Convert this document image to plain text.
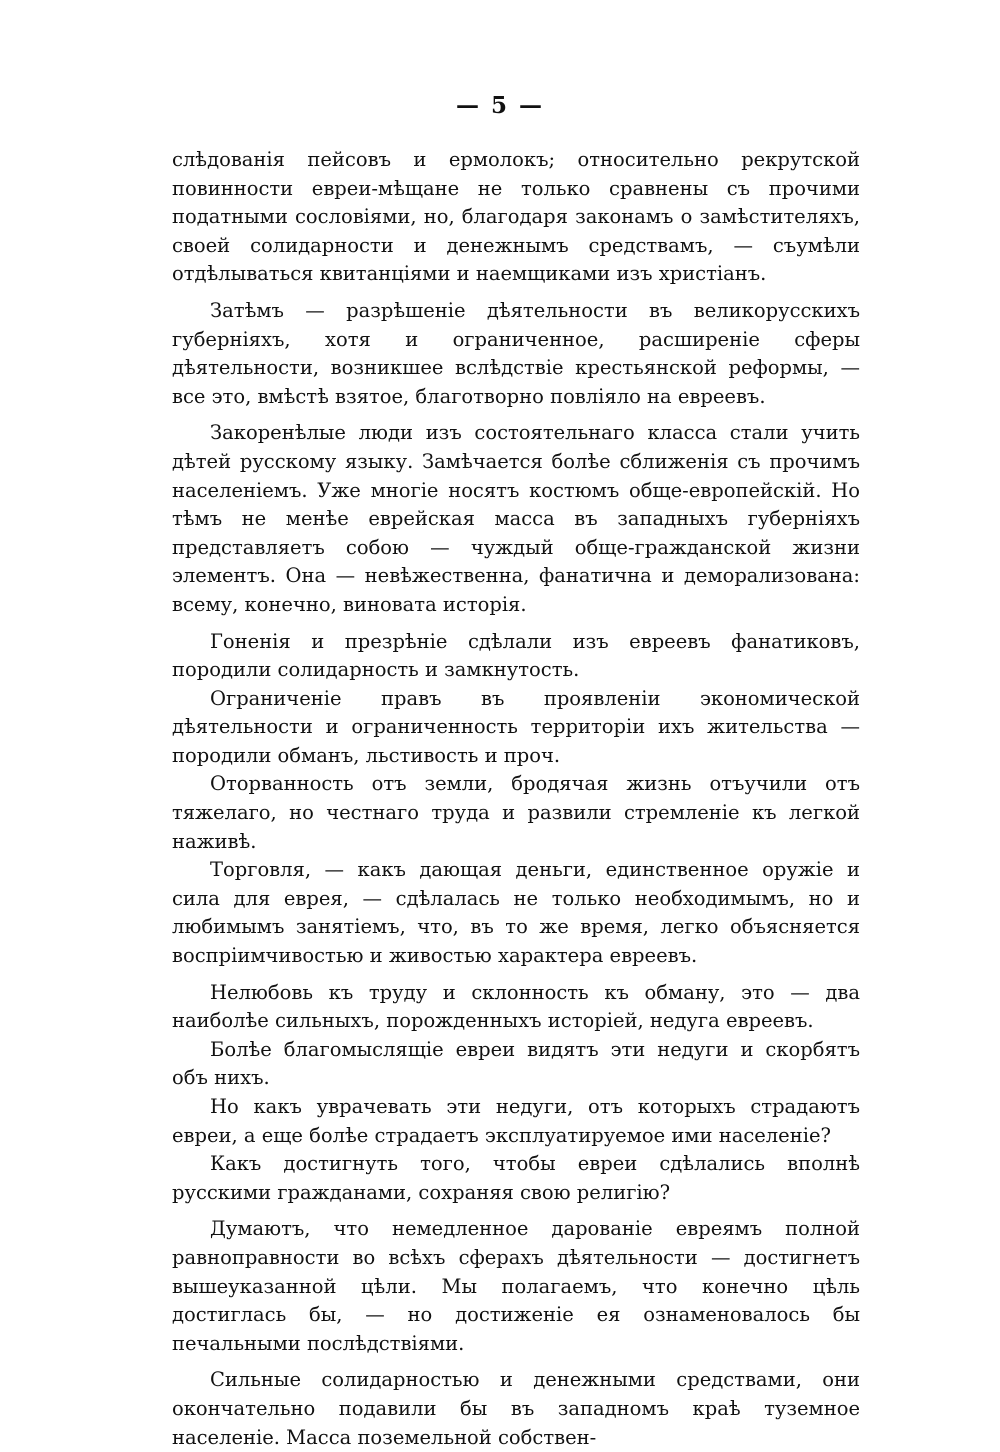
— 5 —

слѣдованія пейсовъ и ермолокъ; относительно рекрутской повинности евреи-мѣщане не только сравнены съ прочими податными сословіями, но, благодаря законамъ о замѣстителяхъ, своей солидарности и денежнымъ средствамъ, — съумѣли отдѣлываться квитанціями и наемщиками изъ христіанъ.

Затѣмъ — разрѣшеніе дѣятельности въ великорусскихъ губерніяхъ, хотя и ограниченное, расширеніе сферы дѣятельности, возникшее вслѣдствіе крестьянской реформы, — все это, вмѣстѣ взятое, благотворно повліяло на евреевъ.

Закоренѣлые люди изъ состоятельнаго класса стали учить дѣтей русскому языку. Замѣчается болѣе сближенія съ прочимъ населеніемъ. Уже многіе носятъ костюмъ обще-европейскій. Но тѣмъ не менѣе еврейская масса въ западныхъ губерніяхъ представляетъ собою — чуждый обще-гражданской жизни элементъ. Она — невѣжественна, фанатична и деморализована: всему, конечно, виновата исторія.

Гоненія и презрѣніе сдѣлали изъ евреевъ фанатиковъ, породили солидарность и замкнутость.

Ограниченіе правъ въ проявленіи экономической дѣятельности и ограниченность территоріи ихъ жительства — породили обманъ, льстивость и проч.

Оторванность отъ земли, бродячая жизнь отъучили отъ тяжелаго, но честнаго труда и развили стремленіе къ легкой наживѣ.

Торговля, — какъ дающая деньги, единственное оружіе и сила для еврея, — сдѣлалась не только необходимымъ, но и любимымъ занятіемъ, что, въ то же время, легко объясняется воспріимчивостью и живостью характера евреевъ.

Нелюбовь къ труду и склонность къ обману, это — два наиболѣе сильныхъ, порожденныхъ исторіей, недуга евреевъ.

Болѣе благомыслящіе евреи видятъ эти недуги и скорбятъ объ нихъ.

Но какъ уврачевать эти недуги, отъ которыхъ страдаютъ евреи, а еще болѣе страдаетъ эксплуатируемое ими населеніе?

Какъ достигнуть того, чтобы евреи сдѣлались вполнѣ русскими гражданами, сохраняя свою религію?

Думаютъ, что немедленное дарованіе евреямъ полной равноправности во всѣхъ сферахъ дѣятельности — достигнетъ вышеуказанной цѣли. Мы полагаемъ, что конечно цѣль достиглась бы, — но достиженіе ея ознаменовалось бы печальными послѣдствіями.

Сильные солидарностью и денежными средствами, они окончательно подавили бы въ западномъ краѣ туземное населеніе. Масса поземельной собствен-
